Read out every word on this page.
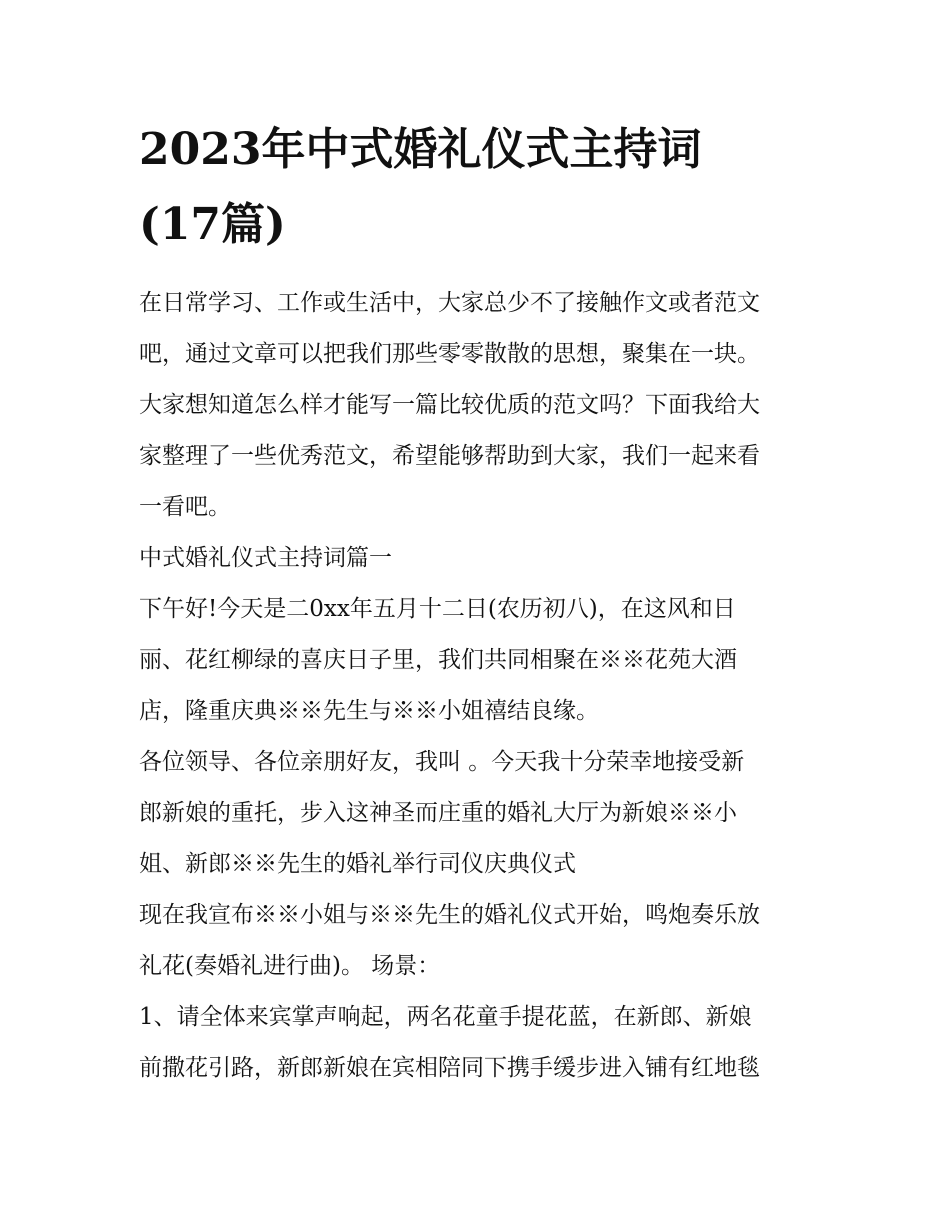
2023年中式婚礼仪式主持词
(17篇)
在日常学习、工作或生活中，大家总少不了接触作文或者范文
吧，通过文章可以把我们那些零零散散的思想，聚集在一块。
大家想知道怎么样才能写一篇比较优质的范文吗？下面我给大
家整理了一些优秀范文，希望能够帮助到大家，我们一起来看
一看吧。
中式婚礼仪式主持词篇一
下午好!今天是二0xx年五月十二日(农历初八)，在这风和日
丽、花红柳绿的喜庆日子里，我们共同相聚在※※花苑大酒
店，隆重庆典※※先生与※※小姐禧结良缘。
各位领导、各位亲朋好友，我叫 。今天我十分荣幸地接受新
郎新娘的重托，步入这神圣而庄重的婚礼大厅为新娘※※小
姐、新郎※※先生的婚礼举行司仪庆典仪式
现在我宣布※※小姐与※※先生的婚礼仪式开始，鸣炮奏乐放
礼花(奏婚礼进行曲)。 场景：
1、请全体来宾掌声响起，两名花童手提花蓝，在新郎、新娘
前撒花引路，新郎新娘在宾相陪同下携手缓步进入铺有红地毯
